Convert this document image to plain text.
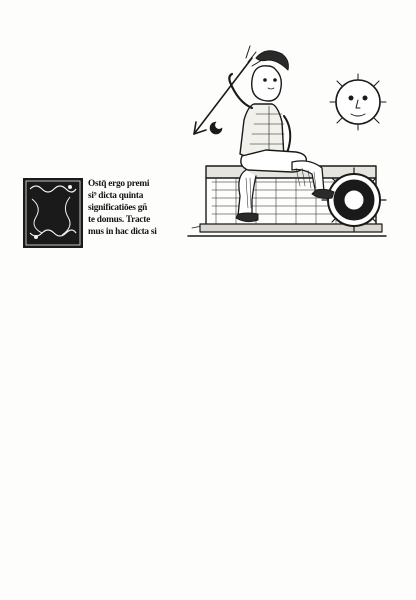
Ostq̄ ergo premi
si⁹ dicta quinta
significatiōes gñ
te domus. Tracte
mus in hac dicta si
